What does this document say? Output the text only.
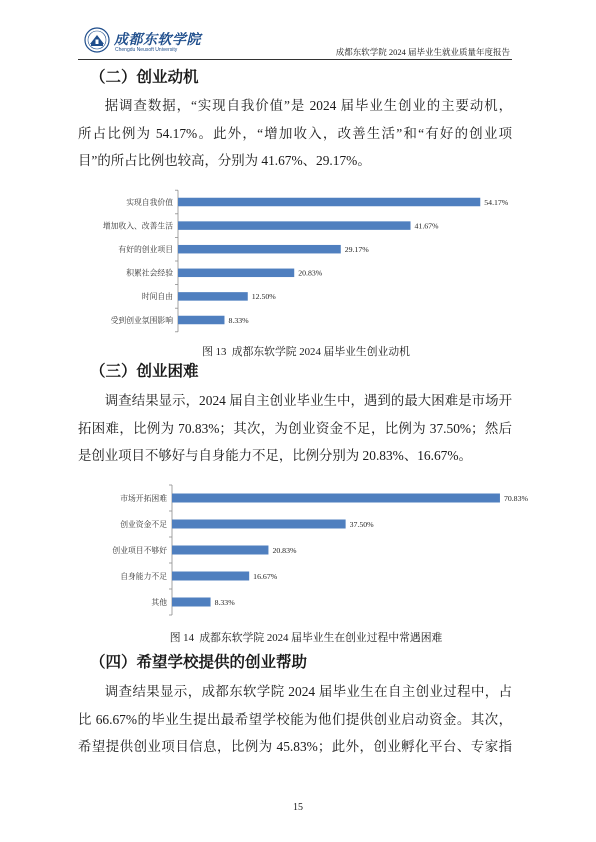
成都东软学院
Chengdu Neusoft University	成都东软学院 2024 届毕业生就业质量年度报告
（二）创业动机
据调查数据，“实现自我价值”是 2024 届毕业生创业的主要动机，
所占比例为 54.17%。此外，“增加收入，改善生活”和“有好的创业项
目”的所占比例也较高，分别为 41.67%、29.17%。
实现自我价值	54.17%
增加收入、改善生活	41.67%
有好的创业项目	29.17%
积累社会经验	20.83%
时间自由	12.50%
受到创业氛围影响	8.33%
图 13  成都东软学院 2024 届毕业生创业动机
（三）创业困难
调查结果显示，2024 届自主创业毕业生中，遇到的最大困难是市场开
拓困难，比例为 70.83%；其次，为创业资金不足，比例为 37.50%；然后
是创业项目不够好与自身能力不足，比例分别为 20.83%、16.67%。
市场开拓困难	70.83%
创业资金不足	37.50%
创业项目不够好	20.83%
自身能力不足	16.67%
其他	8.33%
图 14  成都东软学院 2024 届毕业生在创业过程中常遇困难
（四）希望学校提供的创业帮助
调查结果显示，成都东软学院 2024 届毕业生在自主创业过程中，占
比 66.67%的毕业生提出最希望学校能为他们提供创业启动资金。其次，
希望提供创业项目信息，比例为 45.83%；此外，创业孵化平台、专家指
15
